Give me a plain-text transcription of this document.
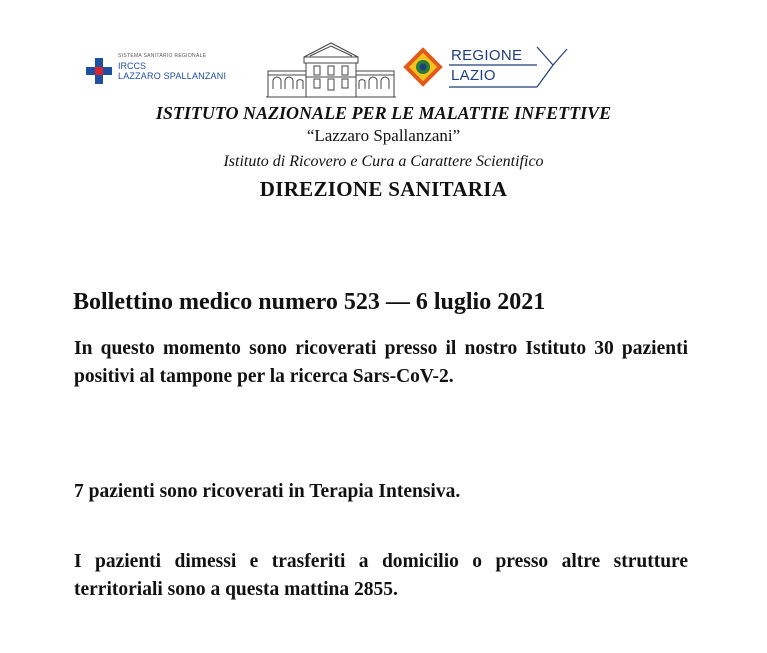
SISTEMA SANITARIO REGIONALE
IRCCS
LAZZARO SPALLANZANI
REGIONE
LAZIO
ISTITUTO NAZIONALE PER LE MALATTIE INFETTIVE
“Lazzaro Spallanzani”
Istituto di Ricovero e Cura a Carattere Scientifico
DIREZIONE SANITARIA
Bollettino medico numero 523 — 6 luglio 2021
In questo momento sono ricoverati presso il nostro Istituto 30 pazienti positivi al tampone per la ricerca Sars-CoV-2.
7 pazienti sono ricoverati in Terapia Intensiva.
I pazienti dimessi e trasferiti a domicilio o presso altre strutture territoriali sono a questa mattina 2855.
